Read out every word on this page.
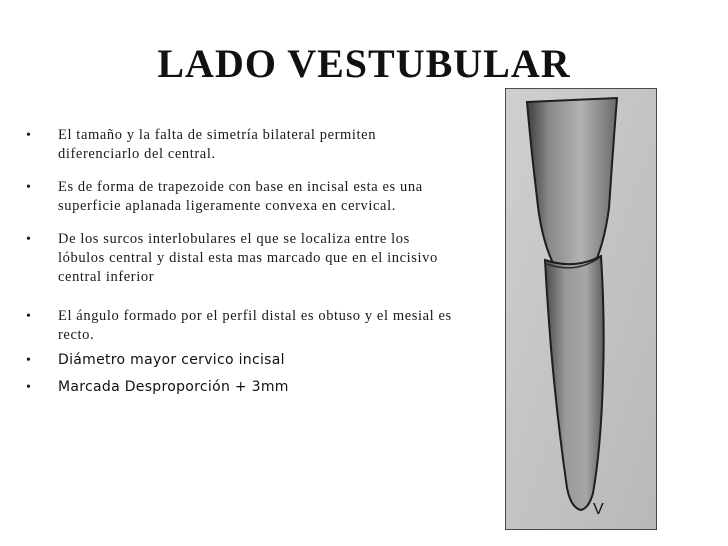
LADO VESTUBULAR
• El tamaño y la falta de simetría bilateral permiten diferenciarlo del central.
• Es de forma de trapezoide con base en incisal esta es una superficie aplanada ligeramente convexa en cervical.
• De los surcos interlobulares el que se localiza entre los lóbulos central y distal esta mas marcado que en el incisivo central inferior
• El ángulo formado por el perfil distal es obtuso y el mesial es recto.
• Diámetro mayor cervico incisal
• Marcada Desproporción + 3mm
V
